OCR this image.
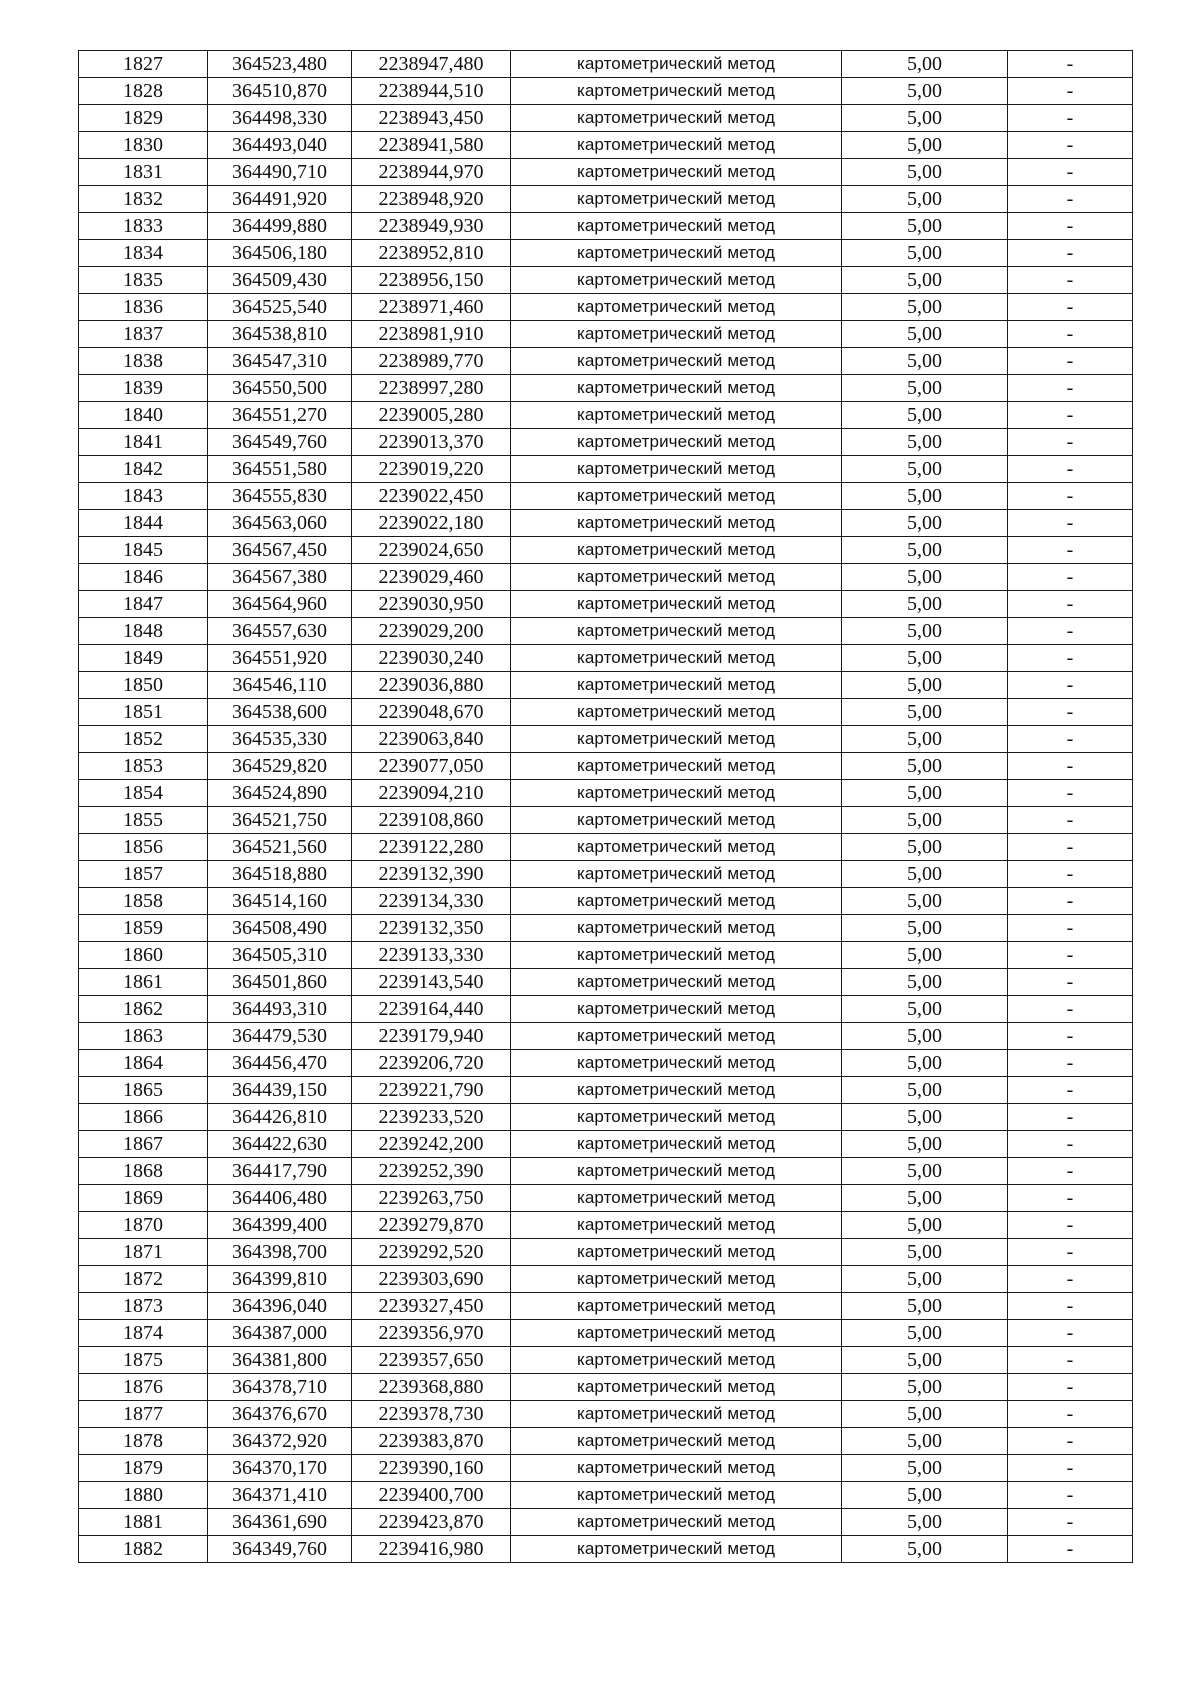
1827	364523,480	2238947,480	картометрический метод	5,00	-
1828	364510,870	2238944,510	картометрический метод	5,00	-
1829	364498,330	2238943,450	картометрический метод	5,00	-
1830	364493,040	2238941,580	картометрический метод	5,00	-
1831	364490,710	2238944,970	картометрический метод	5,00	-
1832	364491,920	2238948,920	картометрический метод	5,00	-
1833	364499,880	2238949,930	картометрический метод	5,00	-
1834	364506,180	2238952,810	картометрический метод	5,00	-
1835	364509,430	2238956,150	картометрический метод	5,00	-
1836	364525,540	2238971,460	картометрический метод	5,00	-
1837	364538,810	2238981,910	картометрический метод	5,00	-
1838	364547,310	2238989,770	картометрический метод	5,00	-
1839	364550,500	2238997,280	картометрический метод	5,00	-
1840	364551,270	2239005,280	картометрический метод	5,00	-
1841	364549,760	2239013,370	картометрический метод	5,00	-
1842	364551,580	2239019,220	картометрический метод	5,00	-
1843	364555,830	2239022,450	картометрический метод	5,00	-
1844	364563,060	2239022,180	картометрический метод	5,00	-
1845	364567,450	2239024,650	картометрический метод	5,00	-
1846	364567,380	2239029,460	картометрический метод	5,00	-
1847	364564,960	2239030,950	картометрический метод	5,00	-
1848	364557,630	2239029,200	картометрический метод	5,00	-
1849	364551,920	2239030,240	картометрический метод	5,00	-
1850	364546,110	2239036,880	картометрический метод	5,00	-
1851	364538,600	2239048,670	картометрический метод	5,00	-
1852	364535,330	2239063,840	картометрический метод	5,00	-
1853	364529,820	2239077,050	картометрический метод	5,00	-
1854	364524,890	2239094,210	картометрический метод	5,00	-
1855	364521,750	2239108,860	картометрический метод	5,00	-
1856	364521,560	2239122,280	картометрический метод	5,00	-
1857	364518,880	2239132,390	картометрический метод	5,00	-
1858	364514,160	2239134,330	картометрический метод	5,00	-
1859	364508,490	2239132,350	картометрический метод	5,00	-
1860	364505,310	2239133,330	картометрический метод	5,00	-
1861	364501,860	2239143,540	картометрический метод	5,00	-
1862	364493,310	2239164,440	картометрический метод	5,00	-
1863	364479,530	2239179,940	картометрический метод	5,00	-
1864	364456,470	2239206,720	картометрический метод	5,00	-
1865	364439,150	2239221,790	картометрический метод	5,00	-
1866	364426,810	2239233,520	картометрический метод	5,00	-
1867	364422,630	2239242,200	картометрический метод	5,00	-
1868	364417,790	2239252,390	картометрический метод	5,00	-
1869	364406,480	2239263,750	картометрический метод	5,00	-
1870	364399,400	2239279,870	картометрический метод	5,00	-
1871	364398,700	2239292,520	картометрический метод	5,00	-
1872	364399,810	2239303,690	картометрический метод	5,00	-
1873	364396,040	2239327,450	картометрический метод	5,00	-
1874	364387,000	2239356,970	картометрический метод	5,00	-
1875	364381,800	2239357,650	картометрический метод	5,00	-
1876	364378,710	2239368,880	картометрический метод	5,00	-
1877	364376,670	2239378,730	картометрический метод	5,00	-
1878	364372,920	2239383,870	картометрический метод	5,00	-
1879	364370,170	2239390,160	картометрический метод	5,00	-
1880	364371,410	2239400,700	картометрический метод	5,00	-
1881	364361,690	2239423,870	картометрический метод	5,00	-
1882	364349,760	2239416,980	картометрический метод	5,00	-
